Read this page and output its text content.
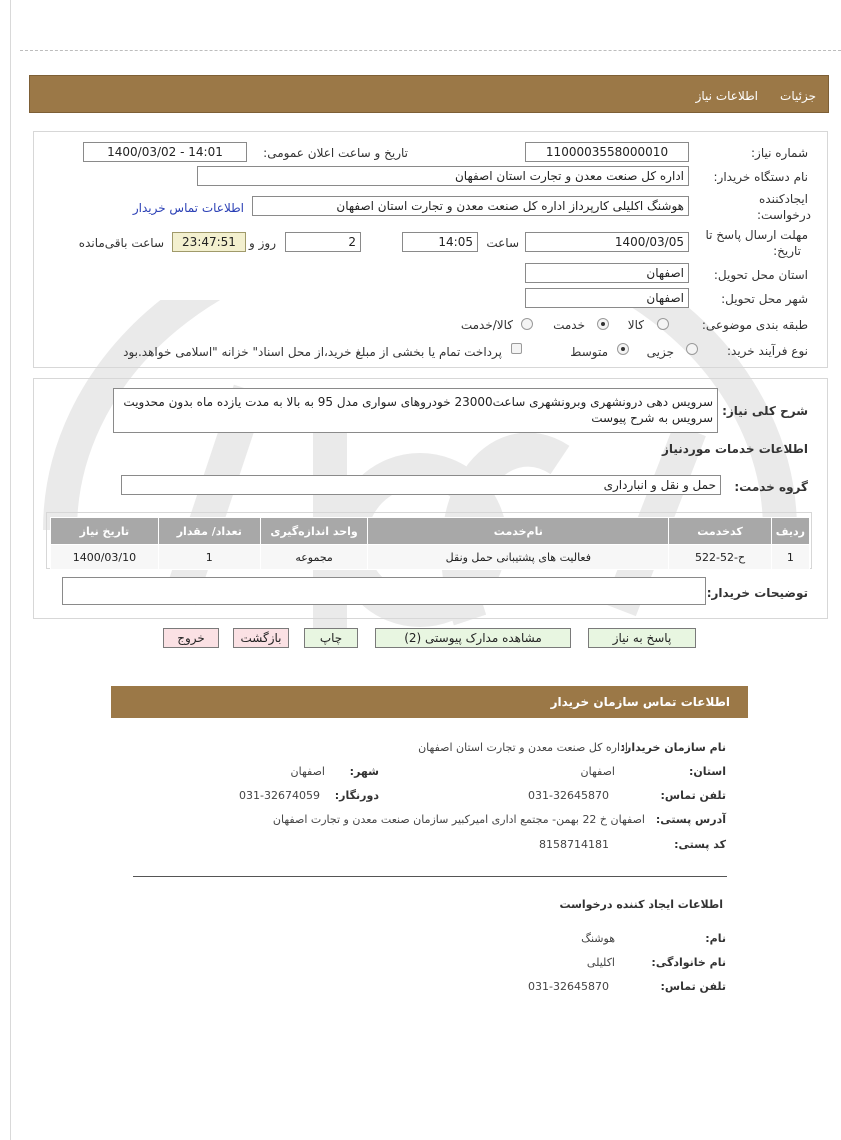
جزئیات
اطلاعات نیاز
شماره نیاز:
1100003558000010
تاریخ و ساعت اعلان عمومی:
1400/03/02 - 14:01
نام دستگاه خریدار:
اداره کل صنعت معدن و تجارت استان اصفهان
ایجادکننده
درخواست:
هوشنگ اکلیلی کارپرداز اداره کل صنعت معدن و تجارت استان اصفهان
اطلاعات تماس خریدار
مهلت ارسال پاسخ تا
تاریخ:
1400/03/05
ساعت
14:05
2
روز و
23:47:51
ساعت باقی‌مانده
استان محل تحویل:
اصفهان
شهر محل تحویل:
اصفهان
طبقه بندی موضوعی:
کالا
خدمت
کالا/خدمت
نوع فرآیند خرید:
جزیی
متوسط
پرداخت تمام یا بخشی از مبلغ خرید،از محل اسناد" خزانه "اسلامی خواهد.بود
شرح کلی نیاز:
سرویس دهی درونشهری وبرونشهری ساعت23000 خودروهای سواری مدل 95 به بالا به مدت یازده ماه بدون محدویت سرویس به شرح پیوست
اطلاعات خدمات موردنیاز
گروه خدمت:
حمل و نقل و انبارداری
ردیف	کدخدمت	نام‌خدمت	واحد اندازه‌گیری	تعداد/ مقدار	تاریخ نیاز
1	ح-52-522	فعالیت های پشتیبانی حمل ونقل	مجموعه	1	1400/03/10
توضیحات خریدار:
پاسخ به نیاز
مشاهده مدارک پیوستی (2)
چاپ
بازگشت
خروج
اطلاعات تماس سازمان خریدار
نام سازمان خریدار:
اداره کل صنعت معدن و تجارت استان اصفهان
استان:
اصفهان
شهر:
اصفهان
تلفن تماس:
031-32645870
دورنگار:
031-32674059
آدرس پستی:
اصفهان خ 22 بهمن- مجتمع اداری امیرکبیر سازمان صنعت معدن و تجارت اصفهان
کد پستی:
8158714181
اطلاعات ایجاد کننده درخواست
نام:
هوشنگ
نام خانوادگی:
اکلیلی
تلفن تماس:
031-32645870
